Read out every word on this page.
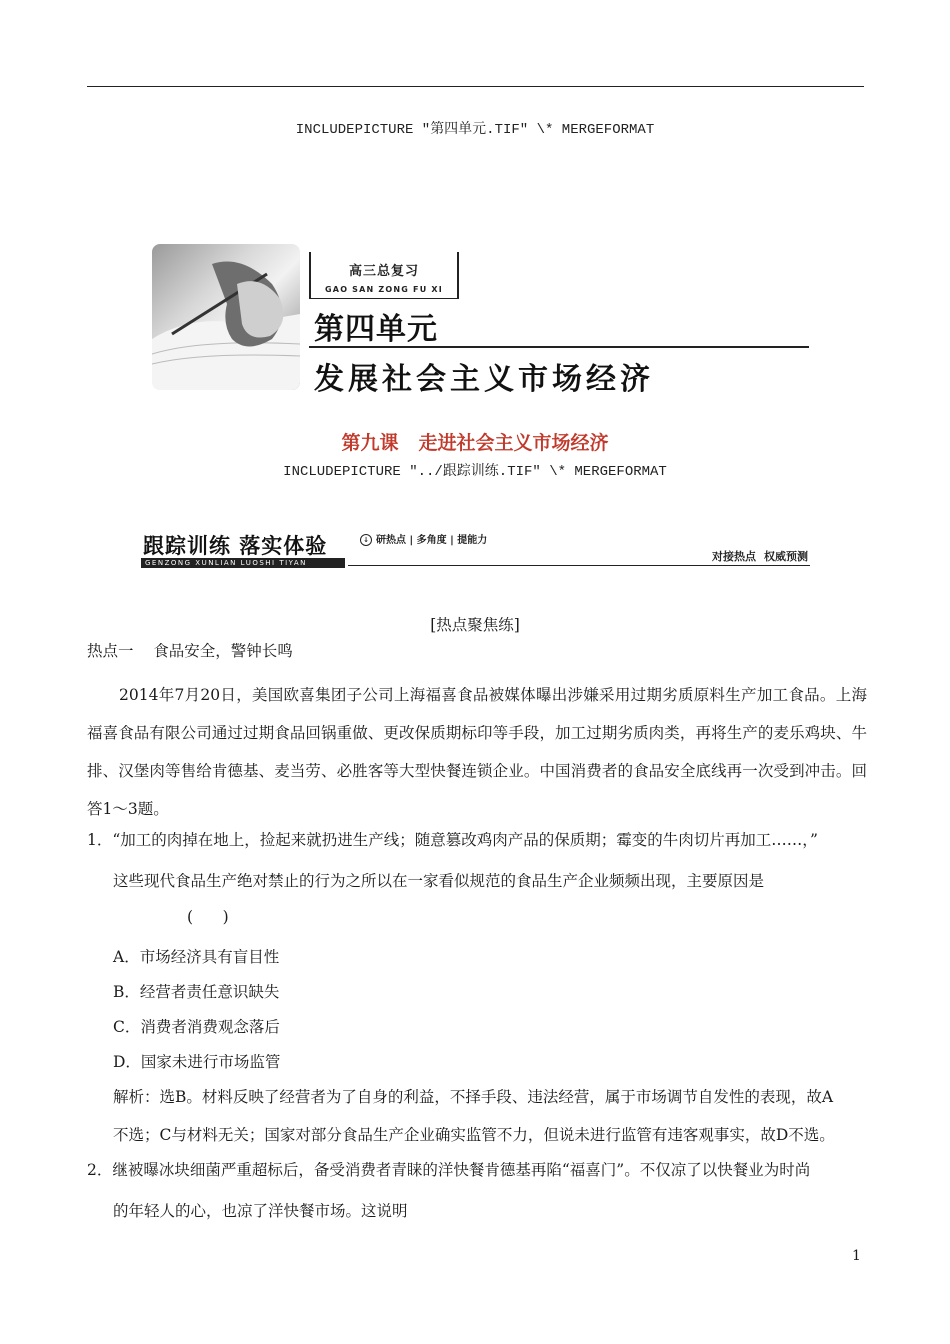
INCLUDEPICTURE "第四单元.TIF" \* MERGEFORMAT
高三总复习
GAO SAN ZONG FU XI
第四单元
发展社会主义市场经济
第九课 走进社会主义市场经济
INCLUDEPICTURE "../跟踪训练.TIF" \* MERGEFORMAT
跟踪训练 落实体验
GENZONG XUNLIAN LUOSHI TIYAN
↓ 研热点 | 多角度 | 提能力
对接热点 权威预测
[热点聚焦练]
热点一    食品安全，警钟长鸣
2014年7月20日，美国欧喜集团子公司上海福喜食品被媒体曝出涉嫌采用过期劣质原料生产加工食品。上海福喜食品有限公司通过过期食品回锅重做、更改保质期标印等手段，加工过期劣质肉类，再将生产的麦乐鸡块、牛排、汉堡肉等售给肯德基、麦当劳、必胜客等大型快餐连锁企业。中国消费者的食品安全底线再一次受到冲击。回答1～3题。
1．“加工的肉掉在地上，捡起来就扔进生产线；随意篡改鸡肉产品的保质期；霉变的牛肉切片再加工……，”
这些现代食品生产绝对禁止的行为之所以在一家看似规范的食品生产企业频频出现，主要原因是
(      )
A．市场经济具有盲目性
B．经营者责任意识缺失
C．消费者消费观念落后
D．国家未进行市场监管
解析：选B。材料反映了经营者为了自身的利益，不择手段、违法经营，属于市场调节自发性的表现，故A
不选；C与材料无关；国家对部分食品生产企业确实监管不力，但说未进行监管有违客观事实，故D不选。
2．继被曝冰块细菌严重超标后，备受消费者青睐的洋快餐肯德基再陷“福喜门”。不仅凉了以快餐业为时尚
的年轻人的心，也凉了洋快餐市场。这说明
1
